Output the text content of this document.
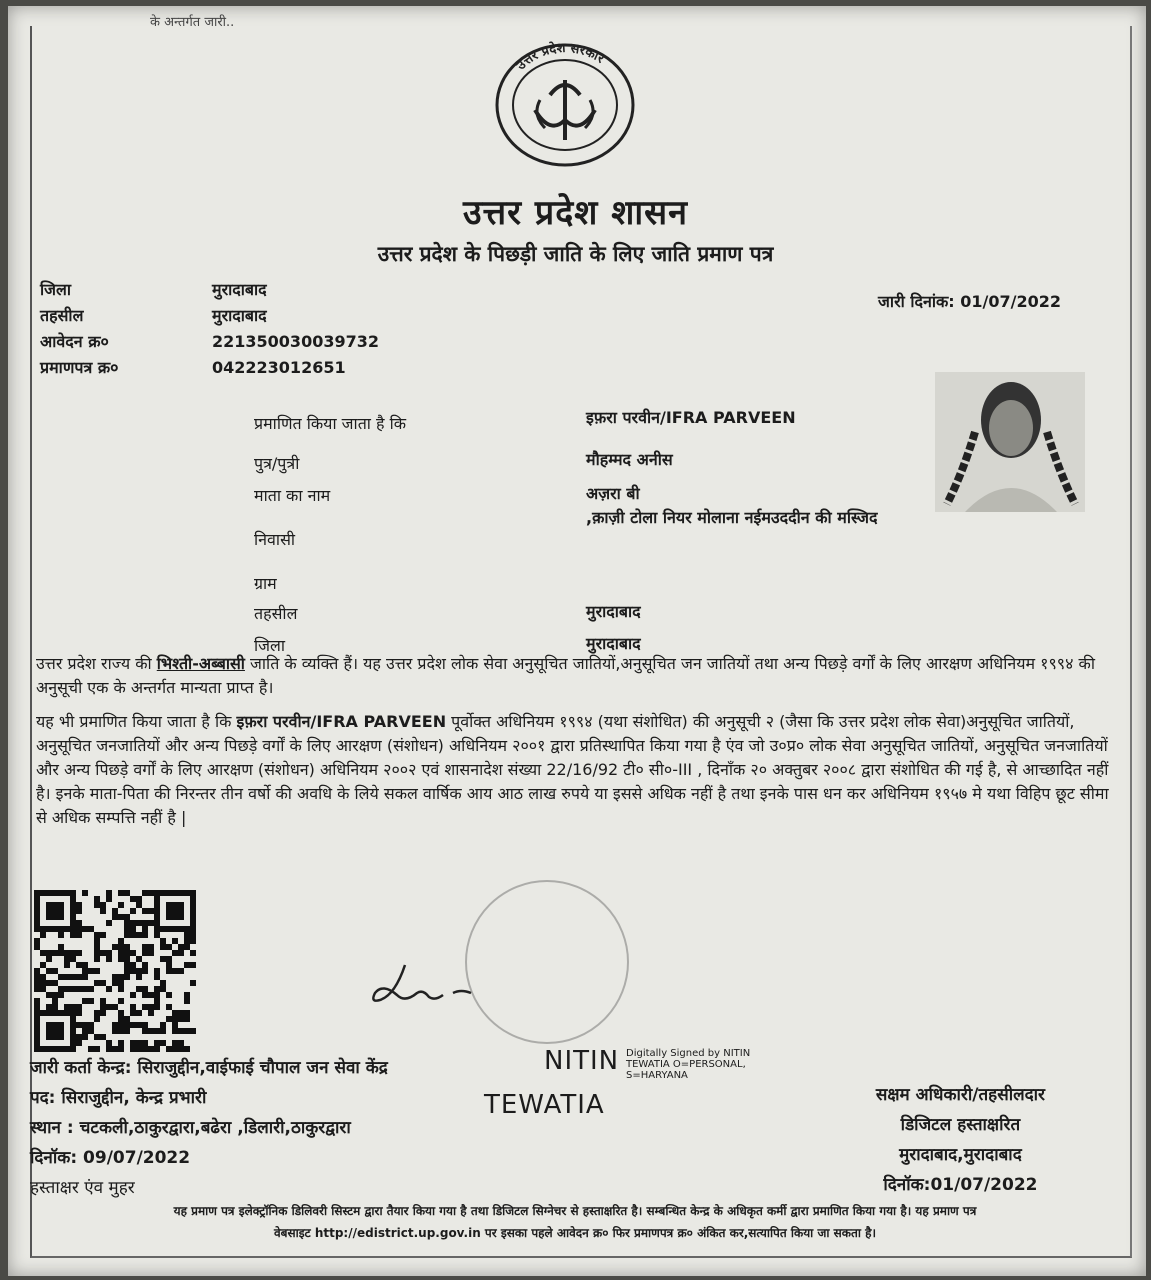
के अन्तर्गत जारी..
उत्तर प्रदेश सरकार
उत्तर प्रदेश शासन
उत्तर प्रदेश के पिछड़ी जाति के लिए जाति प्रमाण पत्र
जिला	मुरादाबाद
तहसील	मुरादाबाद
आवेदन क्र०	221350030039732
प्रमाणपत्र क्र०	042223012651
जारी दिनांक: 01/07/2022
प्रमाणित किया जाता है कि	इफ़रा परवीन/IFRA PARVEEN
पुत्र/पुत्री	मौहम्मद अनीस
माता का नाम	अज़रा बी
निवासी
,क़ाज़ी टोला नियर मोलाना नईमउददीन की मस्जिद
ग्राम
तहसील	मुरादाबाद
जिला	मुरादाबाद
उत्तर प्रदेश राज्य की भिश्ती-अब्बासी जाति के व्यक्ति हैं। यह उत्तर प्रदेश लोक सेवा अनुसूचित जातियों,अनुसूचित जन जातियों तथा अन्य पिछड़े वर्गों के लिए आरक्षण अधिनियम १९९४ की अनुसूची एक के अन्तर्गत मान्यता प्राप्त है।
यह भी प्रमाणित किया जाता है कि इफ़रा परवीन/IFRA PARVEEN पूर्वोक्त अधिनियम १९९४ (यथा संशोधित) की अनुसूची २ (जैसा कि उत्तर प्रदेश लोक सेवा)अनुसूचित जातियों, अनुसूचित जनजातियों और अन्य पिछड़े वर्गों के लिए आरक्षण (संशोधन) अधिनियम २००१ द्वारा प्रतिस्थापित किया गया है एंव जो उ०प्र० लोक सेवा अनुसूचित जातियों, अनुसूचित जनजातियों और अन्य पिछड़े वर्गों के लिए आरक्षण (संशोधन) अधिनियम २००२ एवं शासनादेश संख्या 22/16/92 टी० सी०-III , दिनाँक २० अक्तुबर २००८ द्वारा संशोधित की गई है, से आच्छादित नहीं है। इनके माता-पिता की निरन्तर तीन वर्षो की अवधि के लिये सकल वार्षिक आय आठ लाख रुपये या इससे अधिक नहीं है तथा इनके पास धन कर अधिनियम १९५७ मे यथा विहिप छूट सीमा से अधिक सम्पत्ति नहीं है |
जारी कर्ता केन्द्र: सिराजुद्दीन,वाईफाई चौपाल जन सेवा केंद्र
पद: सिराजुद्दीन, केन्द्र प्रभारी
स्थान : चटकली,ठाकुरद्वारा,बढेरा ,डिलारी,ठाकुरद्वारा
दिनॉक: 09/07/2022
हस्ताक्षर एंव मुहर
NITIN Digitally Signed by NITIN TEWATIA O=PERSONAL, S=HARYANA
TEWATIA	सक्षम अधिकारी/तहसीलदार
डिजिटल हस्ताक्षरित
मुरादाबाद,मुरादाबाद
दिनॉक:01/07/2022
यह प्रमाण पत्र इलेक्ट्रॉनिक डिलिवरी सिस्टम द्वारा तैयार किया गया है तथा डिजिटल सिग्नेचर से हस्ताक्षरित है। सम्बन्धित केन्द्र के अधिकृत कर्मी द्वारा प्रमाणित किया गया है। यह प्रमाण पत्र
वेबसाइट http://edistrict.up.gov.in पर इसका पहले आवेदन क्र० फिर प्रमाणपत्र क्र० अंकित कर,सत्यापित किया जा सकता है।
